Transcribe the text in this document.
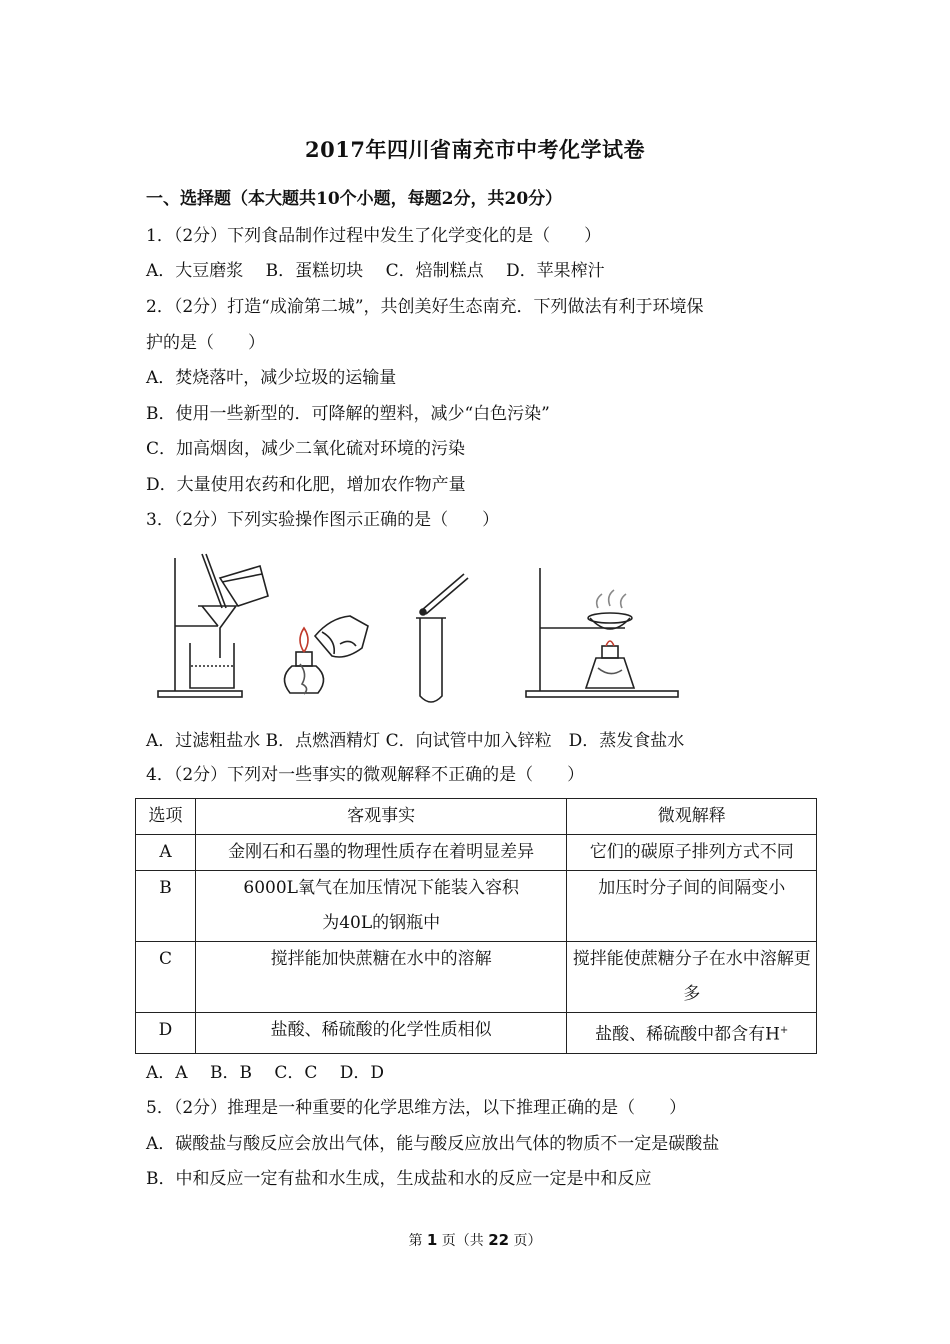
2017年四川省南充市中考化学试卷
一、选择题（本大题共10个小题，每题2分，共20分）
1．（2分）下列食品制作过程中发生了化学变化的是（　　）
A．大豆磨浆　 B．蛋糕切块　 C．焙制糕点　 D．苹果榨汁
2．（2分）打造“成渝第二城”，共创美好生态南充．下列做法有利于环境保
护的是（　　）
A．焚烧落叶，减少垃圾的运输量
B．使用一些新型的．可降解的塑料，减少“白色污染”
C．加高烟囱，减少二氧化硫对环境的污染
D．大量使用农药和化肥，增加农作物产量
3．（2分）下列实验操作图示正确的是（　　）
A．过滤粗盐水 B．点燃酒精灯 C．向试管中加入锌粒　D．蒸发食盐水
4．（2分）下列对一些事实的微观解释不正确的是（　　）
选项	客观事实	微观解释
A	金刚石和石墨的物理性质存在着明显差异	它们的碳原子排列方式不同
B	6000L氧气在加压情况下能装入容积为40L的钢瓶中	加压时分子间的间隔变小
C	搅拌能加快蔗糖在水中的溶解	搅拌能使蔗糖分子在水中溶解更多
D	盐酸、稀硫酸的化学性质相似	盐酸、稀硫酸中都含有H+
A．A　 B．B　 C．C　 D．D
5．（2分）推理是一种重要的化学思维方法，以下推理正确的是（　　）
A．碳酸盐与酸反应会放出气体，能与酸反应放出气体的物质不一定是碳酸盐
B．中和反应一定有盐和水生成，生成盐和水的反应一定是中和反应
第 1 页（共 22 页）
